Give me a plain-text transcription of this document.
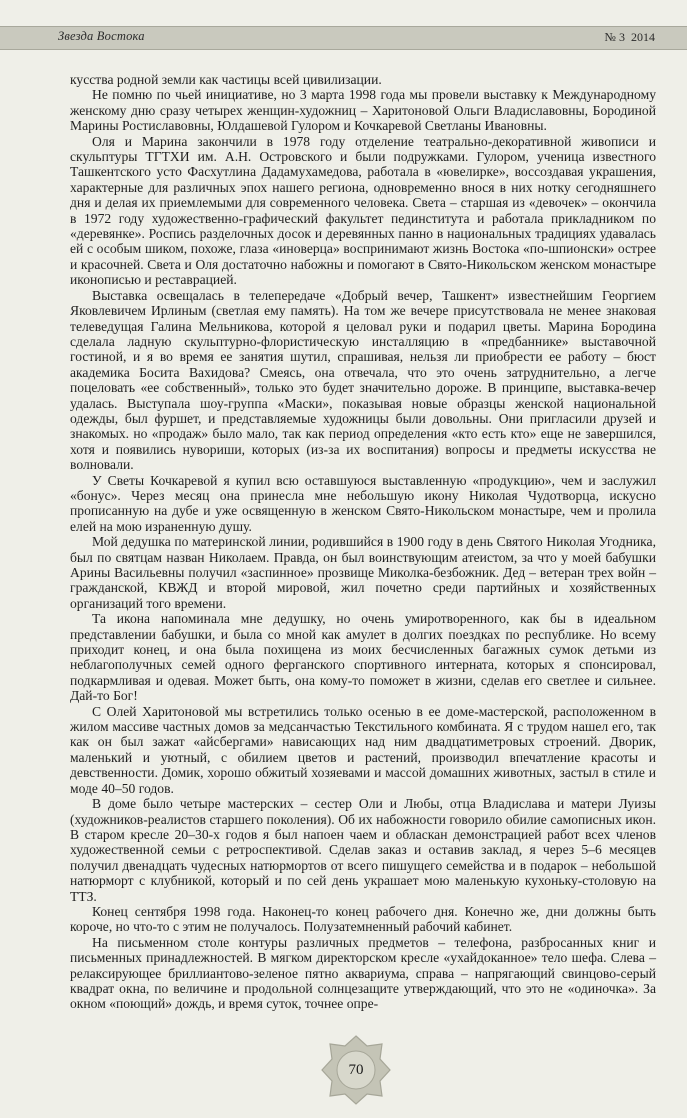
Звезда Востока	№ 3 2014

кусства родной земли как частицы всей цивилизации.

Не помню по чьей инициативе, но 3 марта 1998 года мы провели выставку к Международному женскому дню сразу четырех женщин-художниц – Харитоновой Ольги Владиславовны, Бородиной Марины Ростиславовны, Юлдашевой Гулором и Кочкаревой Светланы Ивановны.

Оля и Марина закончили в 1978 году отделение театрально-декоративной живописи и скульптуры ТГТХИ им. А.Н. Островского и были подружками. Гулором, ученица известного Ташкентского усто Фасхутлина Дадамухамедова, работала в «ювелирке», воссоздавая украшения, характерные для различных эпох нашего региона, одновременно внося в них нотку сегодняшнего дня и делая их приемлемыми для современного человека. Света – старшая из «девочек» – окончила в 1972 году художественно-графический факультет пединститута и работала прикладником по «деревянке». Роспись разделочных досок и деревянных панно в национальных традициях удавалась ей с особым шиком, похоже, глаза «иноверца» воспринимают жизнь Востока «по-шпионски» острее и красочней. Света и Оля достаточно набожны и помогают в Свято-Никольском женском монастыре иконописью и реставрацией.

Выставка освещалась в телепередаче «Добрый вечер, Ташкент» известнейшим Георгием Яковлевичем Ирлиным (светлая ему память). На том же вечере присутствовала не менее знаковая телеведущая Галина Мельникова, которой я целовал руки и подарил цветы. Марина Бородина сделала ладную скульптурно-флористическую инсталляцию в «предбаннике» выставочной гостиной, и я во время ее занятия шутил, спрашивая, нельзя ли приобрести ее работу – бюст академика Босита Вахидова? Смеясь, она отвечала, что это очень затруднительно, а легче поцеловать «ее собственный», только это будет значительно дороже. В принципе, выставка-вечер удалась. Выступала шоу-группа «Маски», показывая новые образцы женской национальной одежды, был фуршет, и представляемые художницы были довольны. Они пригласили друзей и знакомых. но «продаж» было мало, так как период определения «кто есть кто» еще не завершился, хотя и появились нувориши, которых (из-за их воспитания) вопросы и предметы искусства не волновали.

У Светы Кочкаревой я купил всю оставшуюся выставленную «продукцию», чем и заслужил «бонус». Через месяц она принесла мне небольшую икону Николая Чудотворца, искусно прописанную на дубе и уже освященную в женском Свято-Никольском монастыре, чем и пролила елей на мою израненную душу.

Мой дедушка по материнской линии, родившийся в 1900 году в день Святого Николая Угодника, был по святцам назван Николаем. Правда, он был воинствующим атеистом, за что у моей бабушки Арины Васильевны получил «заспинное» прозвище Миколка-безбожник. Дед – ветеран трех войн – гражданской, КВЖД и второй мировой, жил почетно среди партийных и хозяйственных организаций того времени.

Та икона напоминала мне дедушку, но очень умиротворенного, как бы в идеальном представлении бабушки, и была со мной как амулет в долгих поездках по республике. Но всему приходит конец, и она была похищена из моих бесчисленных багажных сумок детьми из неблагополучных семей одного ферганского спортивного интерната, которых я спонсировал, подкармливая и одевая. Может быть, она кому-то поможет в жизни, сделав его светлее и сильнее. Дай-то Бог!

С Олей Харитоновой мы встретились только осенью в ее доме-мастерской, расположенном в жилом массиве частных домов за медсанчастью Текстильного комбината. Я с трудом нашел его, так как он был зажат «айсбергами» нависающих над ним двадцатиметровых строений. Дворик, маленький и уютный, с обилием цветов и растений, производил впечатление красоты и девственности. Домик, хорошо обжитый хозяевами и массой домашних животных, застыл в стиле и моде 40–50 годов.

В доме было четыре мастерских – сестер Оли и Любы, отца Владислава и матери Луизы (художников-реалистов старшего поколения). Об их набожности говорило обилие самописных икон. В старом кресле 20–30-х годов я был напоен чаем и обласкан демонстрацией работ всех членов художественной семьи с ретроспективой. Сделав заказ и оставив заклад, я через 5–6 месяцев получил двенадцать чудесных натюрмортов от всего пишущего семейства и в подарок – небольшой натюрморт с клубникой, который и по сей день украшает мою маленькую кухоньку-столовую на ТТЗ.

Конец сентября 1998 года. Наконец-то конец рабочего дня. Конечно же, дни должны быть короче, но что-то с этим не получалось. Полузатемненный рабочий кабинет.

На письменном столе контуры различных предметов – телефона, разбросанных книг и письменных принадлежностей. В мягком директорском кресле «ухайдоканное» тело шефа. Слева – релаксирующее бриллиантово-зеленое пятно аквариума, справа – напрягающий свинцово-серый квадрат окна, по величине и продольной солнцезащите утверждающий, что это не «одиночка». За окном «поющий» дождь, и время суток, точнее опре-

70
